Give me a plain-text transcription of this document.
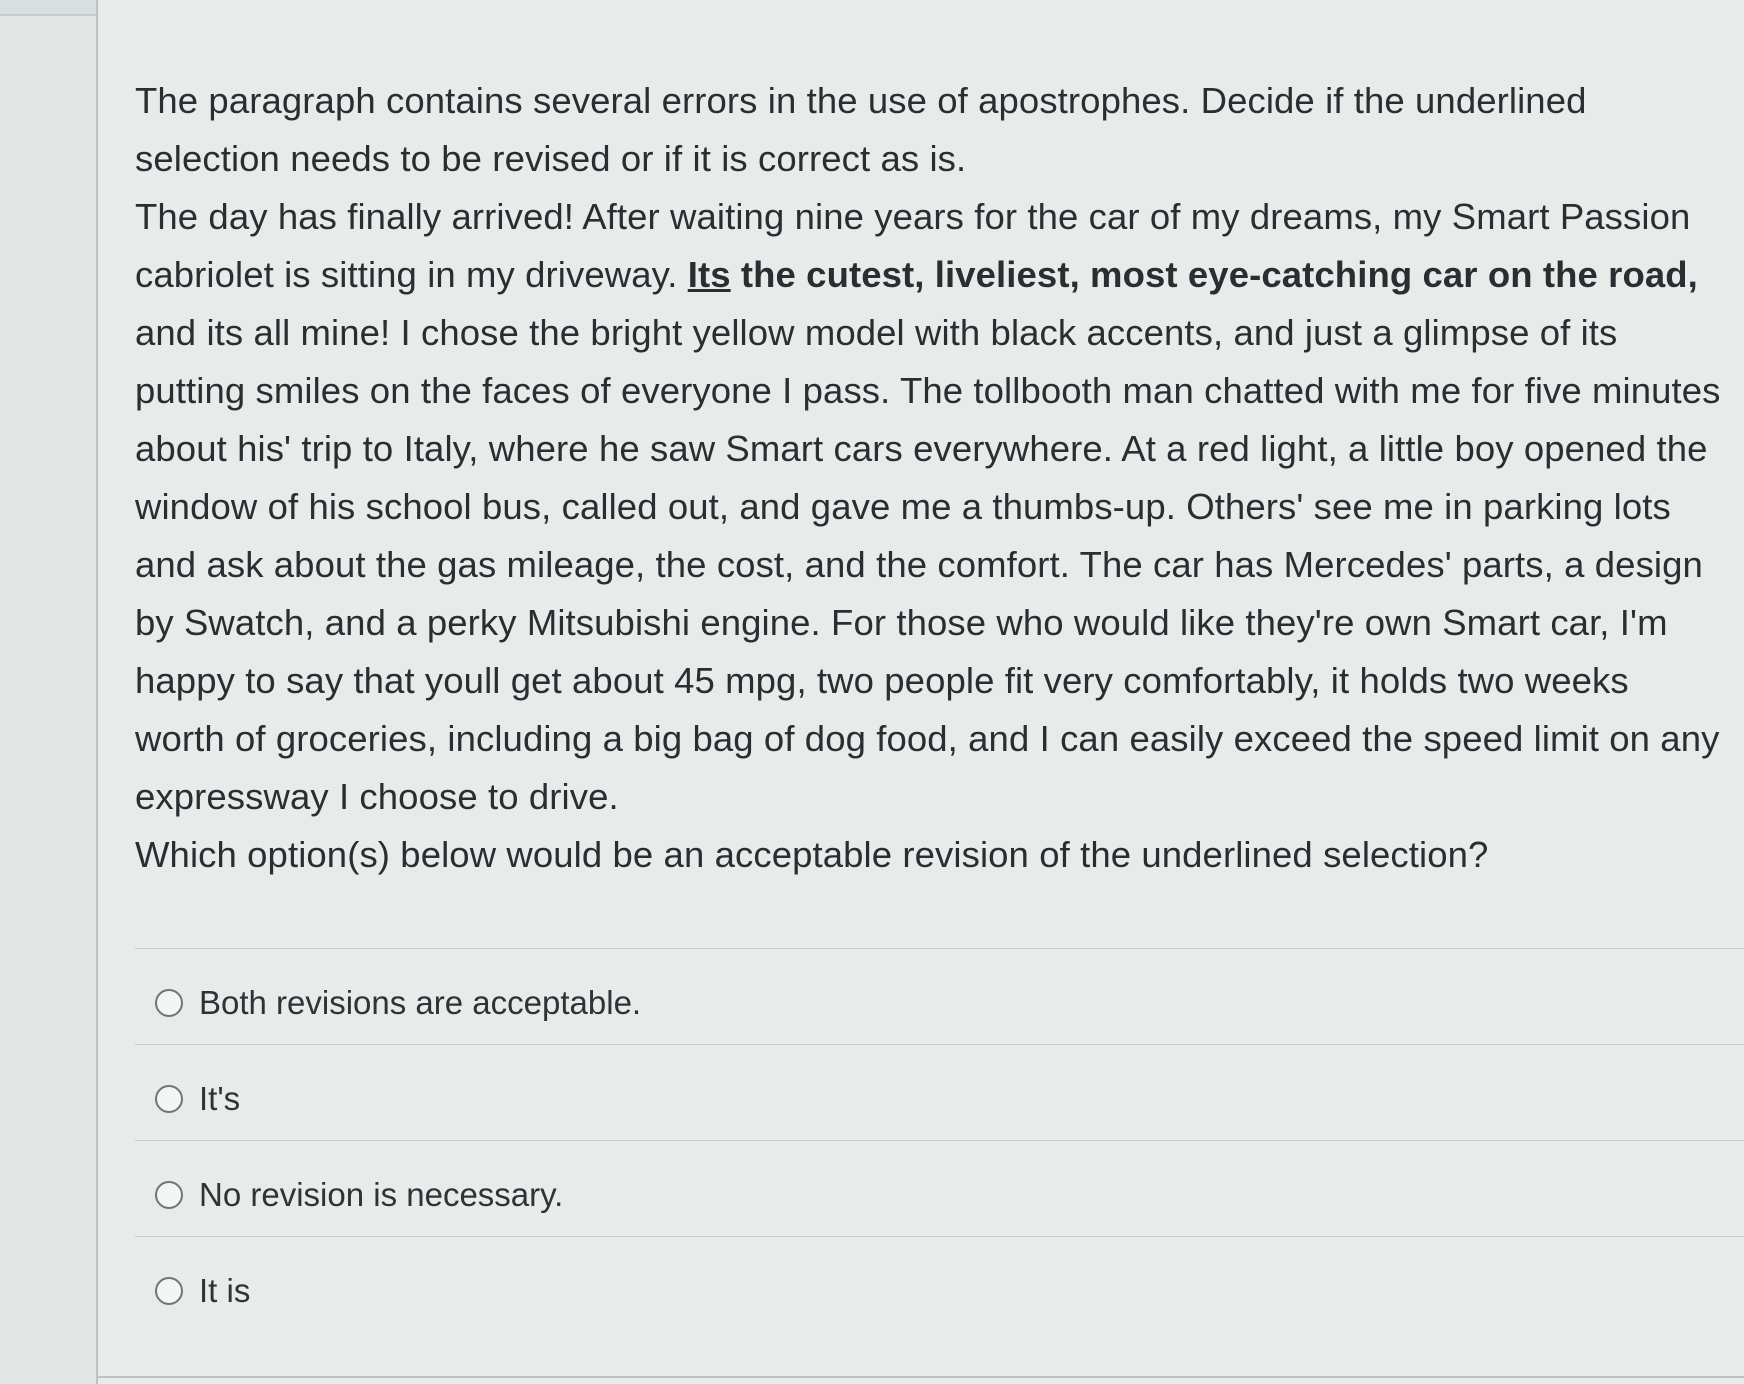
The paragraph contains several errors in the use of apostrophes. Decide if the underlined selection needs to be revised or if it is correct as is.

The day has finally arrived! After waiting nine years for the car of my dreams, my Smart Passion cabriolet is sitting in my driveway. Its the cutest, liveliest, most eye-catching car on the road, and its all mine! I chose the bright yellow model with black accents, and just a glimpse of its putting smiles on the faces of everyone I pass. The tollbooth man chatted with me for five minutes about his' trip to Italy, where he saw Smart cars everywhere. At a red light, a little boy opened the window of his school bus, called out, and gave me a thumbs-up. Others' see me in parking lots and ask about the gas mileage, the cost, and the comfort. The car has Mercedes' parts, a design by Swatch, and a perky Mitsubishi engine. For those who would like they're own Smart car, I'm happy to say that youll get about 45 mpg, two people fit very comfortably, it holds two weeks worth of groceries, including a big bag of dog food, and I can easily exceed the speed limit on any expressway I choose to drive.

Which option(s) below would be an acceptable revision of the underlined selection?

Both revisions are acceptable.
It's
No revision is necessary.
It is
